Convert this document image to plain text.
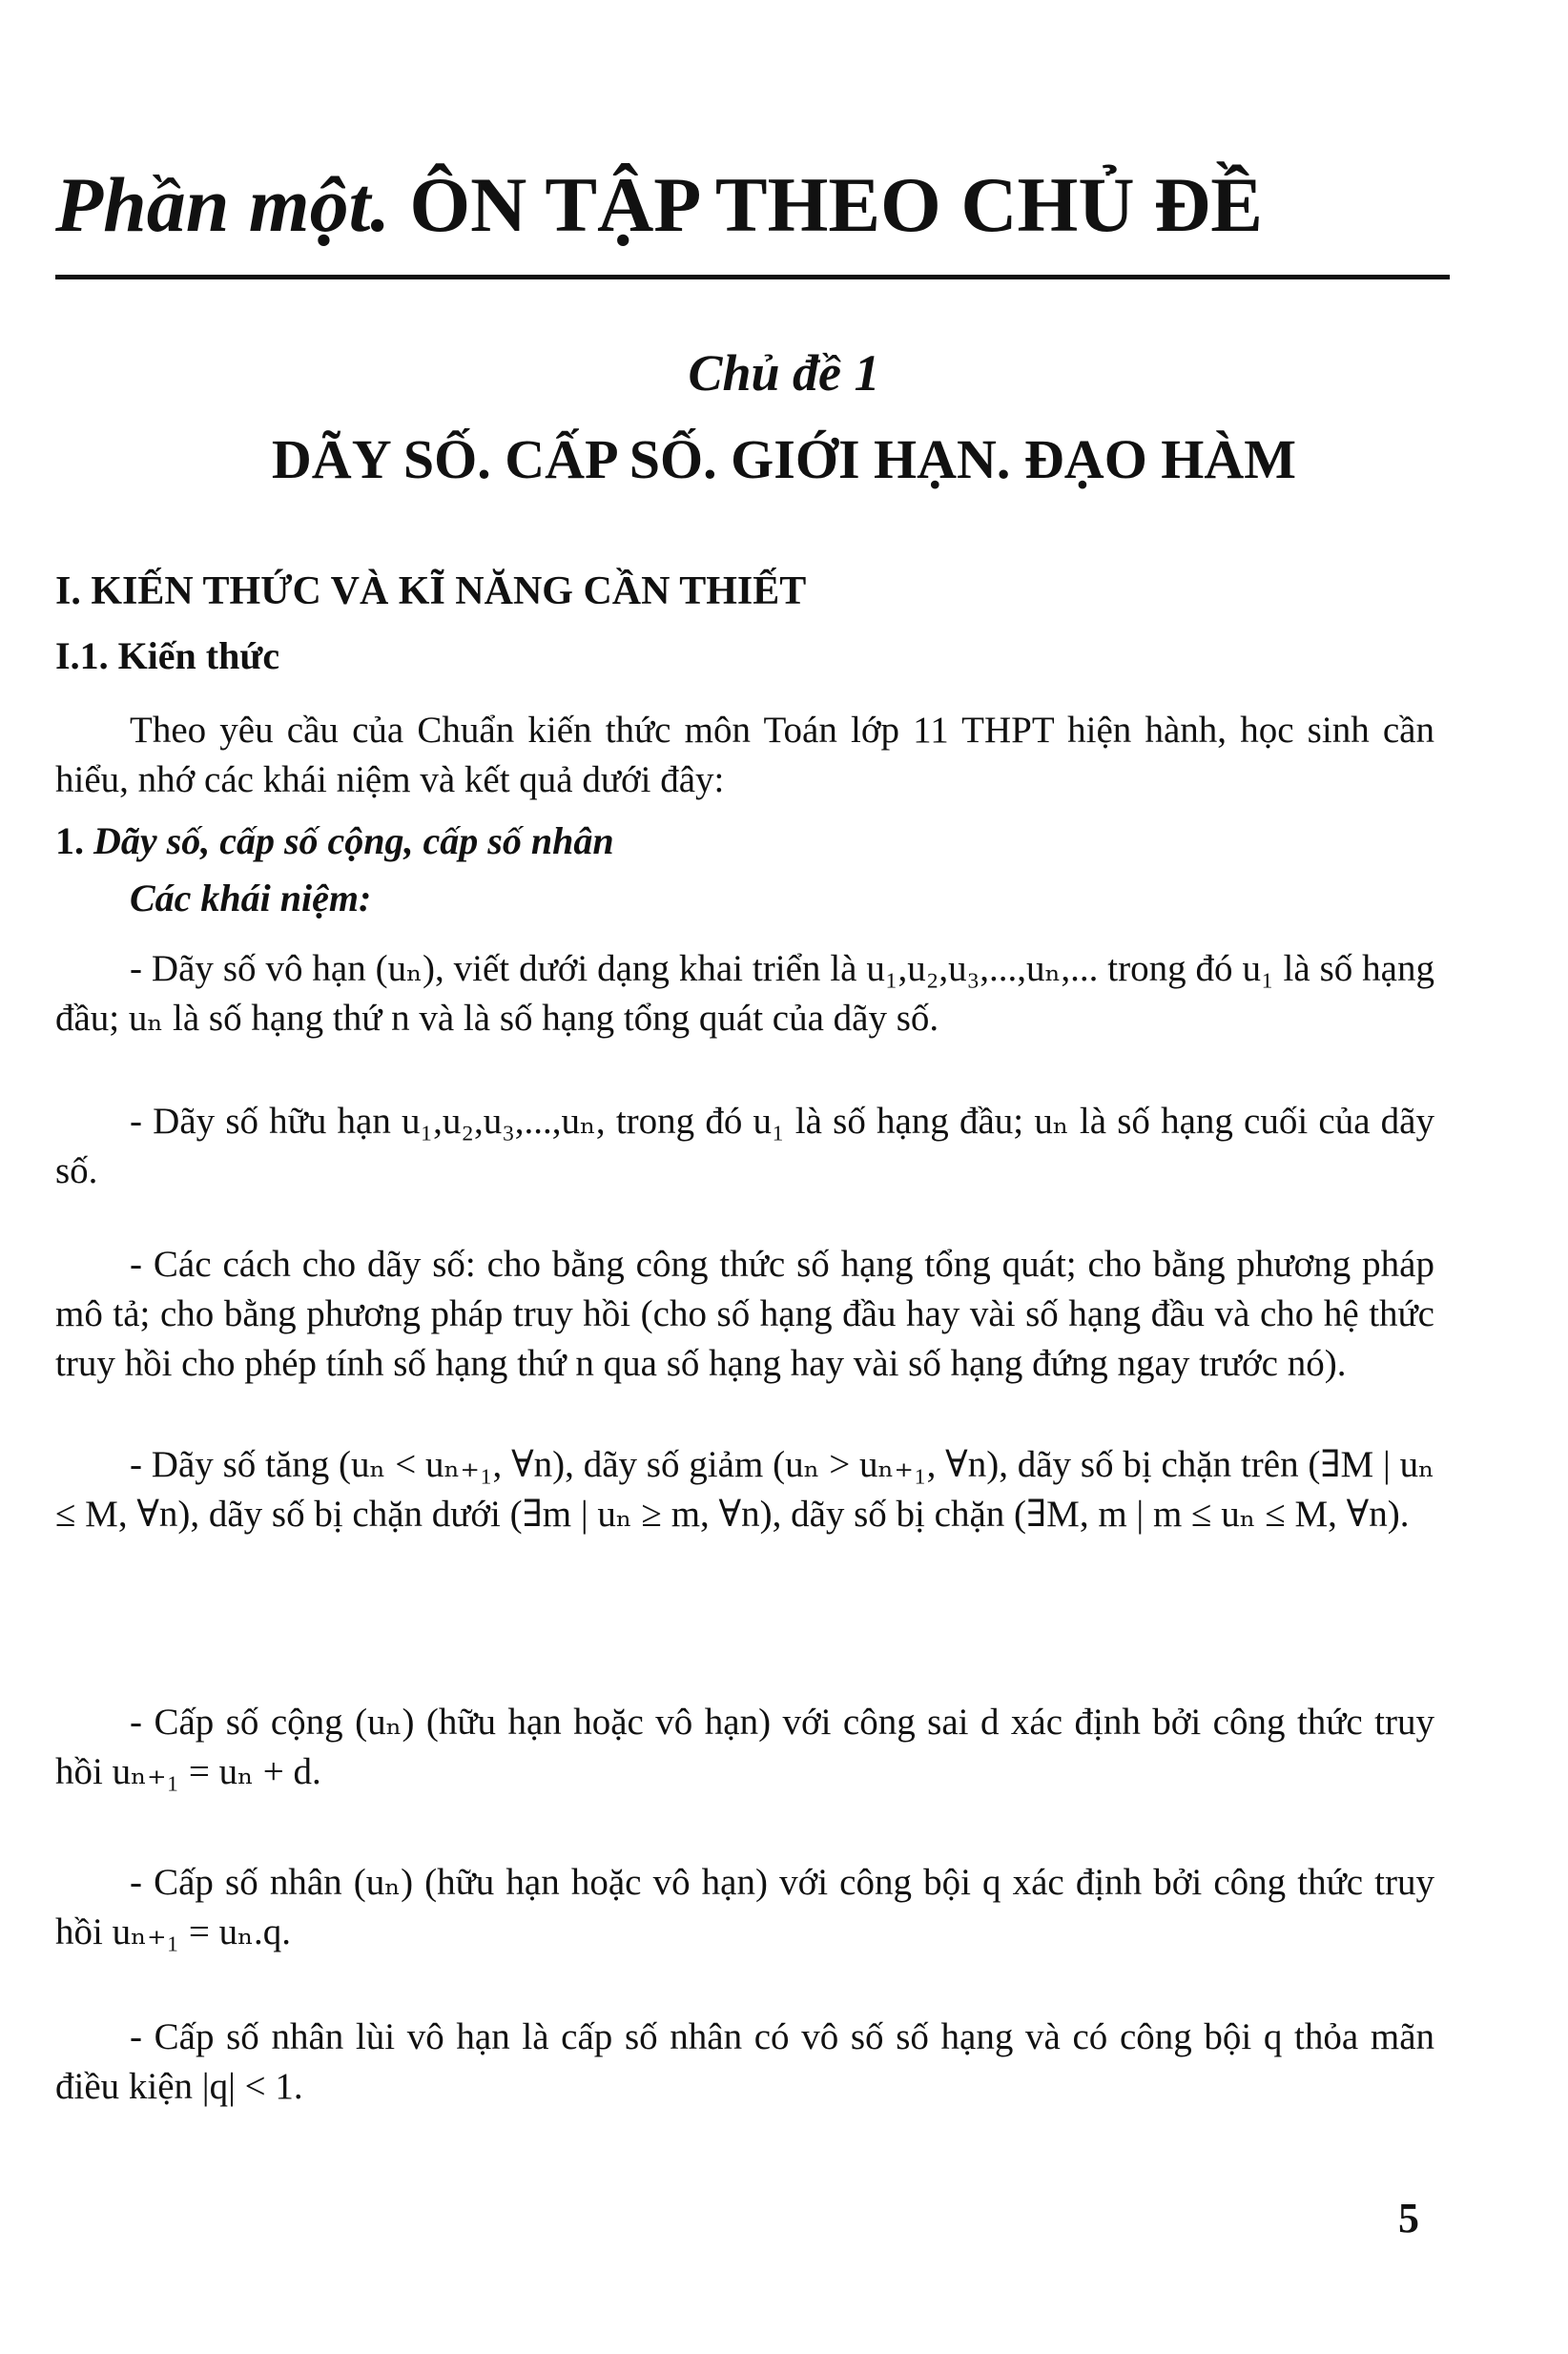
Phần một. ÔN TẬP THEO CHỦ ĐỀ
Chủ đề 1
DÃY SỐ. CẤP SỐ. GIỚI HẠN. ĐẠO HÀM
I. KIẾN THỨC VÀ KĨ NĂNG CẦN THIẾT
I.1. Kiến thức

Theo yêu cầu của Chuẩn kiến thức môn Toán lớp 11 THPT hiện hành, học sinh cần hiểu, nhớ các khái niệm và kết quả dưới đây:

1. Dãy số, cấp số cộng, cấp số nhân
Các khái niệm:

- Dãy số vô hạn (uₙ), viết dưới dạng khai triển là u₁,u₂,u₃,...,uₙ,... trong đó u₁ là số hạng đầu; uₙ là số hạng thứ n và là số hạng tổng quát của dãy số.

- Dãy số hữu hạn u₁,u₂,u₃,...,uₙ, trong đó u₁ là số hạng đầu; uₙ là số hạng cuối của dãy số.

- Các cách cho dãy số: cho bằng công thức số hạng tổng quát; cho bằng phương pháp mô tả; cho bằng phương pháp truy hồi (cho số hạng đầu hay vài số hạng đầu và cho hệ thức truy hồi cho phép tính số hạng thứ n qua số hạng hay vài số hạng đứng ngay trước nó).

- Dãy số tăng (uₙ < uₙ₊₁, ∀n), dãy số giảm (uₙ > uₙ₊₁, ∀n), dãy số bị chặn trên (∃M | uₙ ≤ M, ∀n), dãy số bị chặn dưới (∃m | uₙ ≥ m, ∀n), dãy số bị chặn (∃M, m | m ≤ uₙ ≤ M, ∀n).

- Cấp số cộng (uₙ) (hữu hạn hoặc vô hạn) với công sai d xác định bởi công thức truy hồi uₙ₊₁ = uₙ + d.

- Cấp số nhân (uₙ) (hữu hạn hoặc vô hạn) với công bội q xác định bởi công thức truy hồi uₙ₊₁ = uₙ.q.

- Cấp số nhân lùi vô hạn là cấp số nhân có vô số số hạng và có công bội q thỏa mãn điều kiện |q| < 1.

5
